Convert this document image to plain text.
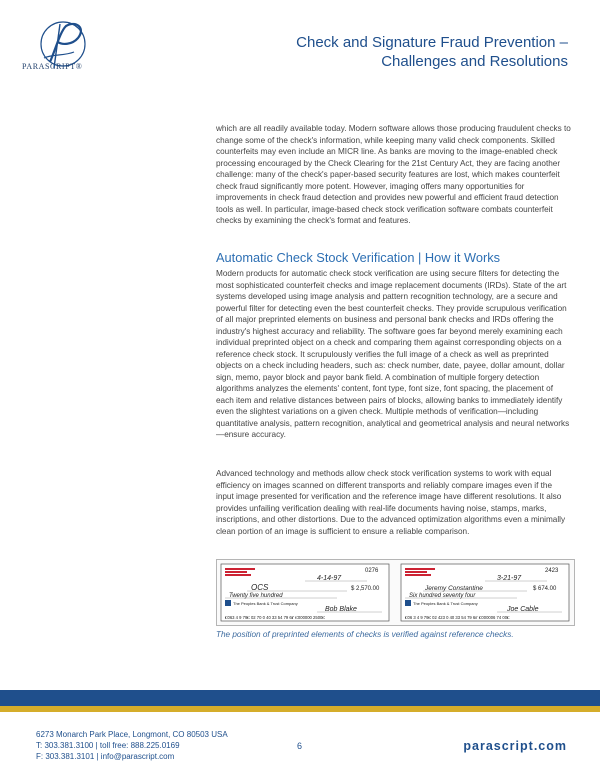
PARASCRIPT®
Check and Signature Fraud Prevention –
Challenges and Resolutions
which are all readily available today. Modern software allows those producing fraudulent checks to change some of the check's information, while keeping many valid check components. Skilled counterfeits may even include an MICR line. As banks are moving to the image-enabled check processing encouraged by the Check Clearing for the 21st Century Act, they are facing another challenge: many of the check's paper-based security features are lost, which makes counterfeit check fraud significantly more potent. However, imaging offers many opportunities for improvements in check fraud detection and provides new powerful and efficient fraud detection tools as well. In particular, image-based check stock verification software combats counterfeit checks by examining the check's format and features.
Automatic Check Stock Verification | How it Works
Modern products for automatic check stock verification are using secure filters for detecting the most sophisticated counterfeit checks and image replacement documents (IRDs). State of the art systems developed using image analysis and pattern recognition technology, are a secure and powerful filter for detecting even the best counterfeit checks. They provide scrupulous verification of all major preprinted elements on business and personal bank checks and IRDs offering the industry's highest accuracy and reliability. The software goes far beyond merely examining each individual preprinted object on a check and comparing them against corresponding objects on a reference check stock. It scrupulously verifies the full image of a check as well as preprinted objects on a check including headers, such as: check number, date, payee, dollar amount, dollar sign, memo, payor block and payor bank field. A combination of multiple forgery detection algorithms analyzes the elements' content, font type, font size, font spacing, the placement of each item and relative distances between pairs of blocks, allowing banks to immediately identify even the slightest variations on a given check. Multiple methods of verification—including quantitative analysis, pattern recognition, analytical and geometrical analysis and neural networks—ensure accuracy.
Advanced technology and methods allow check stock verification systems to work with equal efficiency on images scanned on different transports and reliably compare images even if the input image presented for verification and the reference image have different resolutions. It also provides unfailing verification dealing with real-life documents having noise, stamps, marks, inscriptions, and other distortions. Due to the advanced optimization algorithms even a minimally clean portion of an image is sufficient to ensure a reliable comparison.
0276
4-14-97
OCS	$ 2,570.00
Twenty five hundred
The Peoples Bank & Trust Company
Bob Blake
⑆063 4 9 79⑆ 02 70 0 40 33 54 79 6⑈ ⑆000000 2500⑆
2423
3-21-97
Jeremy Constantine	$ 674.00
Six hundred seventy four
The Peoples Bank & Trust Company
Joe Cable
⑆06 3 4 9 79⑆ 02 423 0 40 33 54 79 6⑈ ⑆000006 74 00⑆
The position of preprinted elements of checks is verified against reference checks.
6273 Monarch Park Place, Longmont, CO 80503 USA
T: 303.381.3100 | toll free: 888.225.0169
F: 303.381.3101 | info@parascript.com
6	parascript.com
